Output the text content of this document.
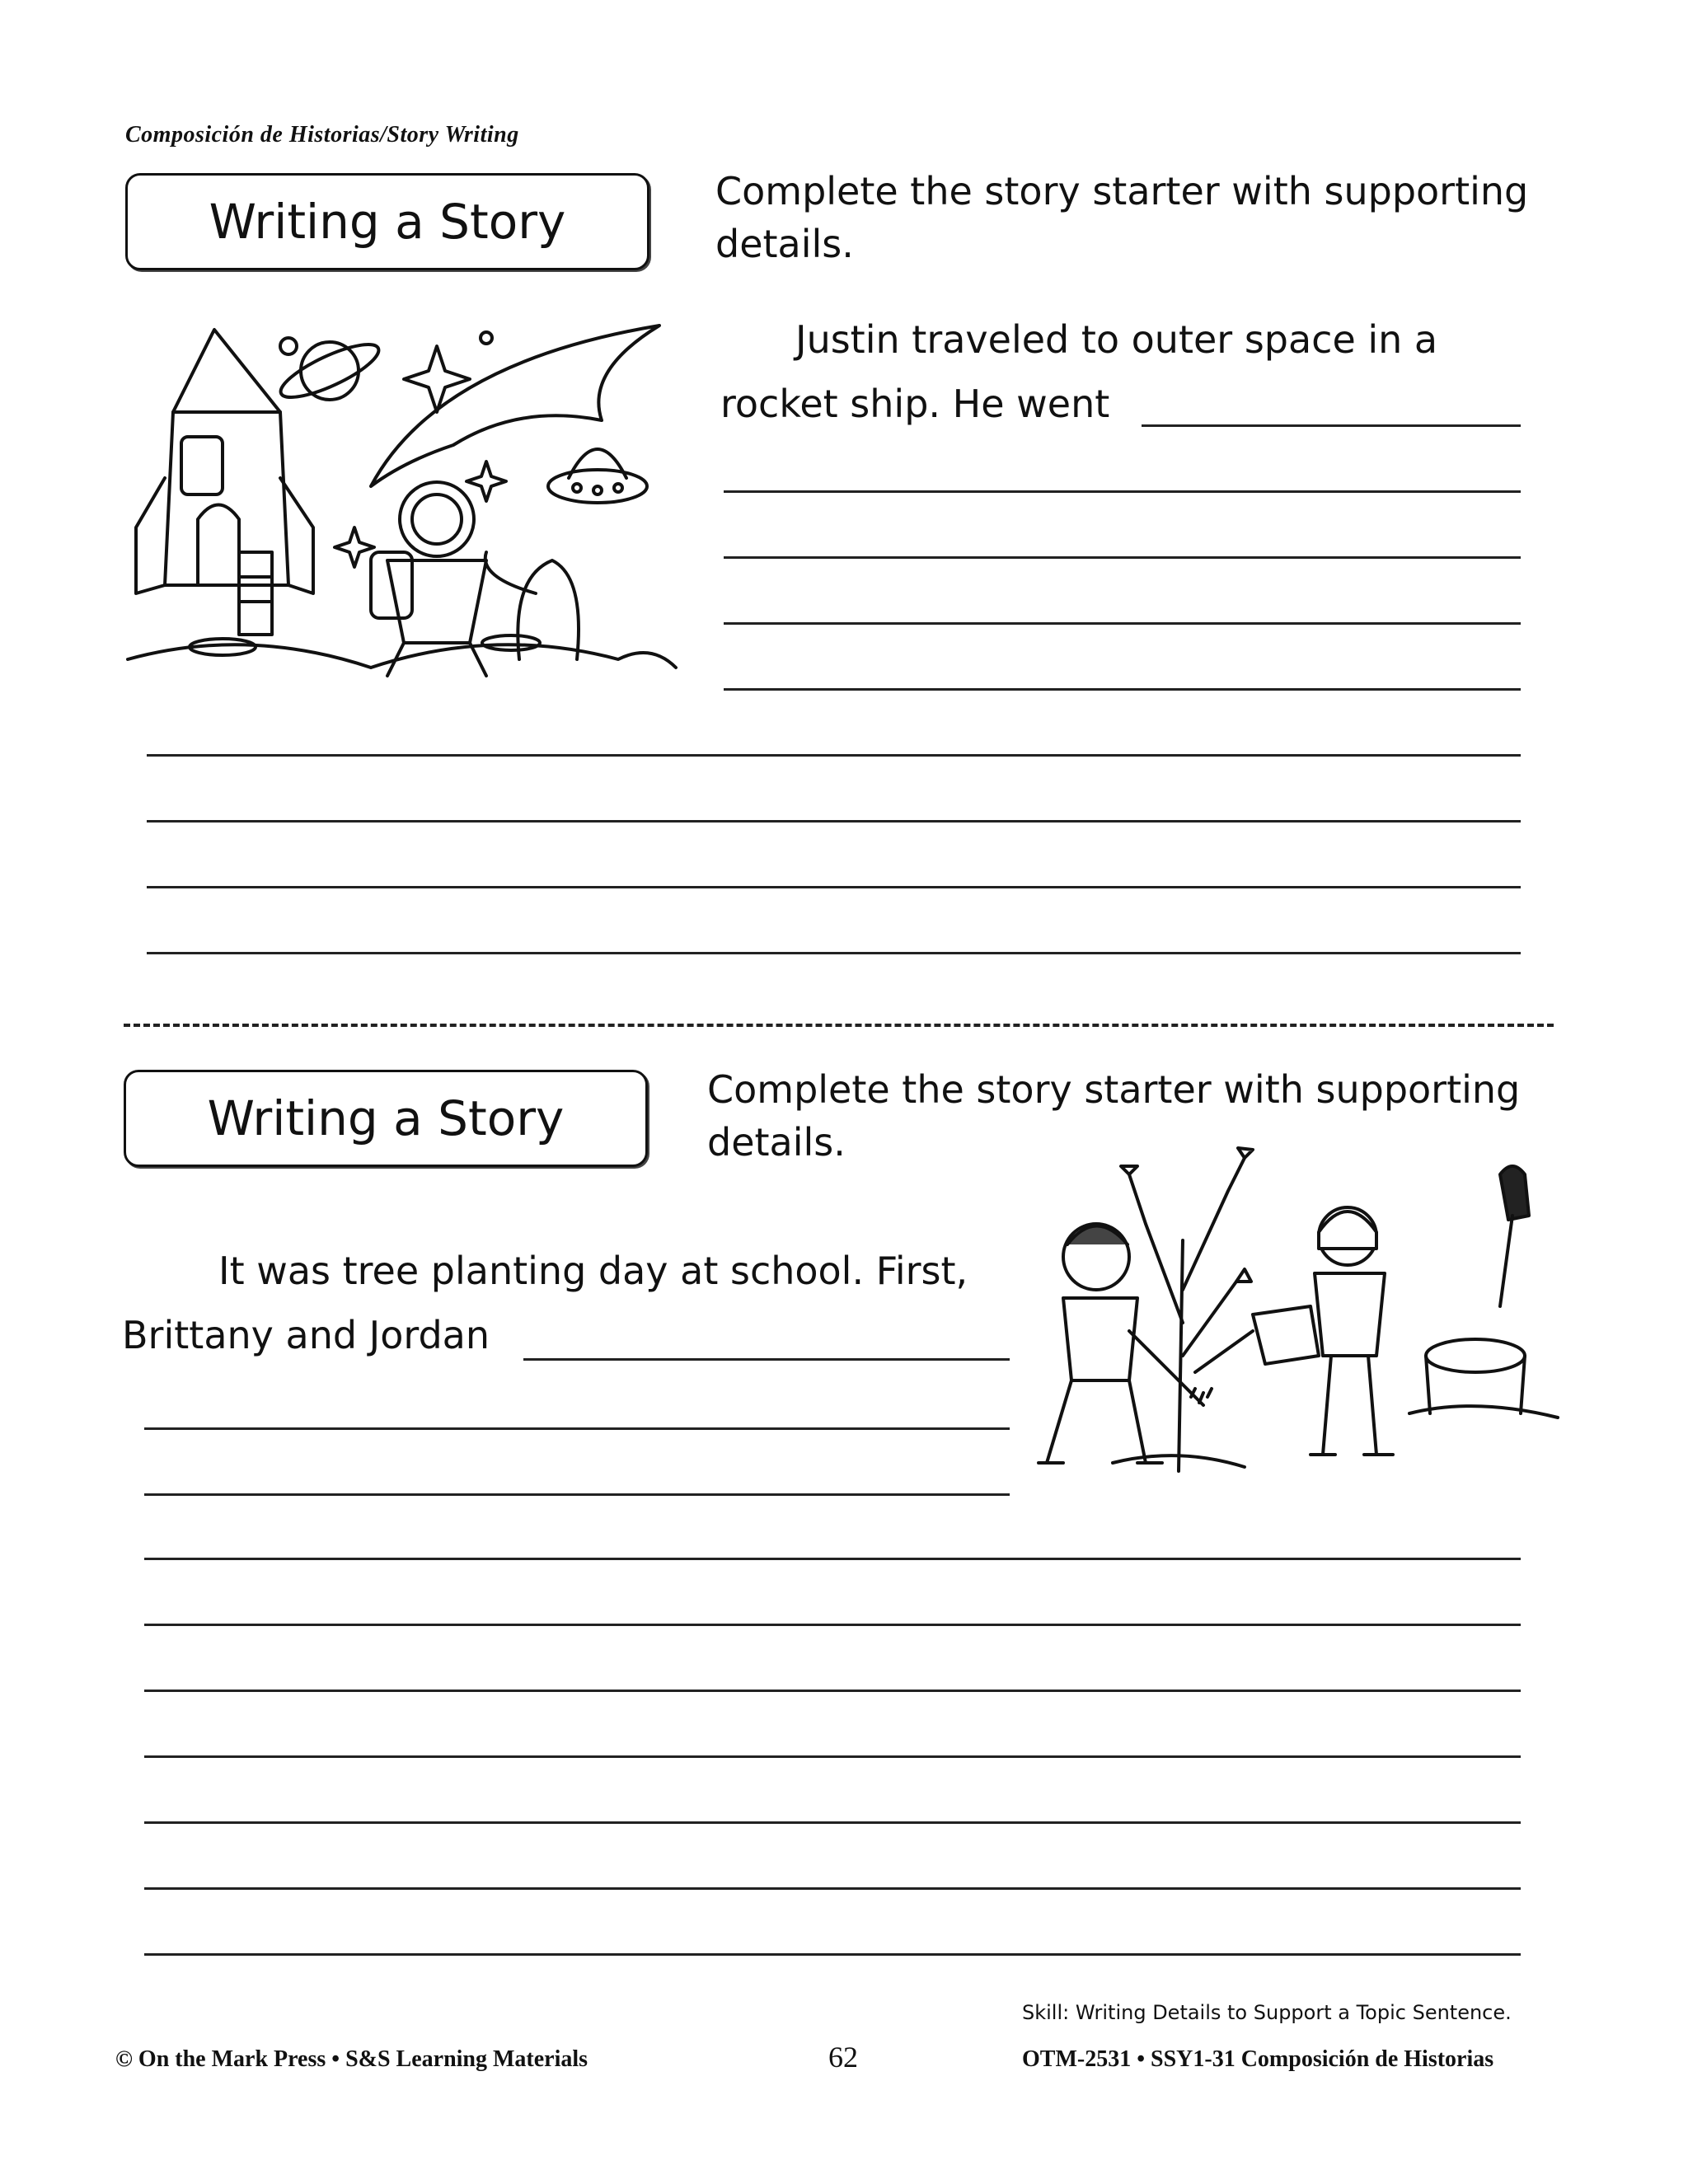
Composición de Historias/Story Writing
Writing a Story
Complete the story starter with supporting details.
Justin traveled to outer space in a
rocket ship. He went
Writing a Story
Complete the story starter with supporting details.
It was tree planting day at school. First,
Brittany and Jordan
Skill: Writing Details to Support a Topic Sentence.
© On the Mark Press • S&S Learning Materials	62	OTM-2531 • SSY1-31 Composición de Historias
